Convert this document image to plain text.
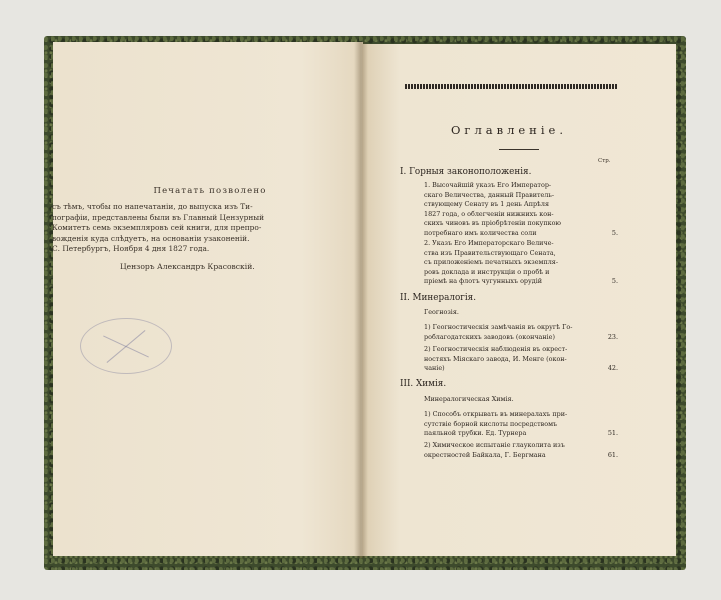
Печатать позволено
съ тѣмъ, чтобы по напечатанiи, до выпуска изъ Ти-
пографiи, представлены были въ Главный Цензурный
Комитетъ семь экземпляровъ сей книги, для препро-
вожденiя куда слѣдуетъ, на основанiи узаконенiй.
С. Петербургъ, Ноября 4 дня 1827 года.
Цензоръ Александръ Красовскiй.
Оглавленiе.
Стр.
I. Горныя законоположенiя.
1. Высочайшiй указъ Его Император-
скаго Величества, данный Правитель-
ствующему Сенату въ 1 день Апрѣля
1827 года, о облегченiи нижнихъ кон-
скихъ чиновъ въ прiобрѣтенiи покупкою
потребнаго имъ количества соли	5.
2. Указъ Его Императорскаго Величе-
ства изъ Правительствующаго Сената,
съ приложенiемъ печатныхъ экземпля-
ровъ доклада и инструкцiи о пробѣ и
прiемѣ на флотъ чугунныхъ орудiй	5.
II. Минералогiя.
Геогнозiя.
1) Геогностическiя замѣчанiя въ округѣ Го-
роблагодатскихъ заводовъ (окончанiе)	23.
2) Геогностическiя наблюденiя въ окрест-
ностяхъ Мiяскаго завода, И. Менге (окон-
чанiе)	42.
III. Химiя.
Минералогическая Химiя.
1) Способъ открывать въ минералахъ при-
сутствiе борной кислоты посредствомъ
паяльной трубки. Ед. Турнера	51.
2) Химическое испытанiе глауколита изъ
окрестностей Байкала, Г. Бергмана	61.
